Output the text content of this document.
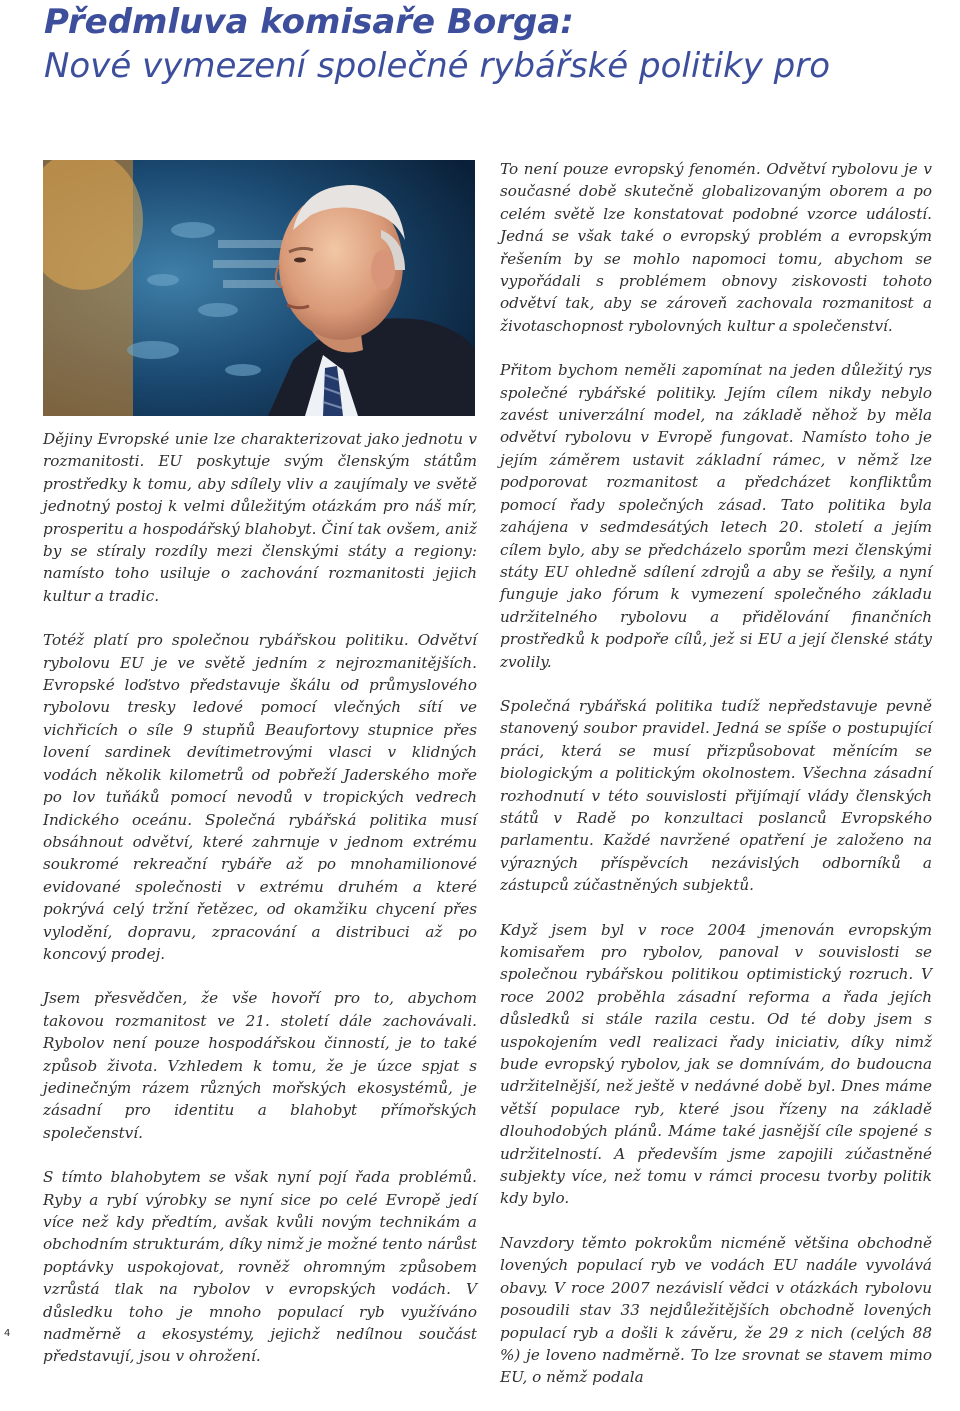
Předmluva komisaře Borga:
Nové vymezení společné rybářské politiky pro

Dějiny Evropské unie lze charakterizovat jako jednotu v rozmanitosti. EU poskytuje svým členským státům prostředky k tomu, aby sdílely vliv a zaujímaly ve světě jednotný postoj k velmi důležitým otázkám pro náš mír, prosperitu a hospodářský blahobyt. Činí tak ovšem, aniž by se stíraly rozdíly mezi členskými státy a regiony: namísto toho usiluje o zachování rozmanitosti jejich kultur a tradic.

Totéž platí pro společnou rybářskou politiku. Odvětví rybolovu EU je ve světě jedním z nejrozmanitějších. Evropské loďstvo představuje škálu od průmyslového rybolovu tresky ledové pomocí vlečných sítí ve vichřicích o síle 9 stupňů Beaufortovy stupnice přes lovení sardinek devítimetrovými vlasci v klidných vodách několik kilometrů od pobřeží Jaderského moře po lov tuňáků pomocí nevodů v tropických vedrech Indického oceánu. Společná rybářská politika musí obsáhnout odvětví, které zahrnuje v jednom extrému soukromé rekreační rybáře až po mnohamilionové evidované společnosti v extrému druhém a které pokrývá celý tržní řetězec, od okamžiku chycení přes vylodění, dopravu, zpracování a distribuci až po koncový prodej.

Jsem přesvědčen, že vše hovoří pro to, abychom takovou rozmanitost ve 21. století dále zachovávali. Rybolov není pouze hospodářskou činností, je to také způsob života. Vzhledem k tomu, že je úzce spjat s jedinečným rázem různých mořských ekosystémů, je zásadní pro identitu a blahobyt přímořských společenství.

S tímto blahobytem se však nyní pojí řada problémů. Ryby a rybí výrobky se nyní sice po celé Evropě jedí více než kdy předtím, avšak kvůli novým technikám a obchodním strukturám, díky nimž je možné tento nárůst poptávky uspokojovat, rovněž ohromným způsobem vzrůstá tlak na rybolov v evropských vodách. V důsledku toho je mnoho populací ryb využíváno nadměrně a ekosystémy, jejichž nedílnou součást představují, jsou v ohrožení.

To není pouze evropský fenomén. Odvětví rybolovu je v současné době skutečně globalizovaným oborem a po celém světě lze konstatovat podobné vzorce událostí. Jedná se však také o evropský problém a evropským řešením by se mohlo napomoci tomu, abychom se vypořádali s problémem obnovy ziskovosti tohoto odvětví tak, aby se zároveň zachovala rozmanitost a životaschopnost rybolovných kultur a společenství.

Přitom bychom neměli zapomínat na jeden důležitý rys společné rybářské politiky. Jejím cílem nikdy nebylo zavést univerzální model, na základě něhož by měla odvětví rybolovu v Evropě fungovat. Namísto toho je jejím záměrem ustavit základní rámec, v němž lze podporovat rozmanitost a předcházet konfliktům pomocí řady společných zásad. Tato politika byla zahájena v sedmdesátých letech 20. století a jejím cílem bylo, aby se předcházelo sporům mezi členskými státy EU ohledně sdílení zdrojů a aby se řešily, a nyní funguje jako fórum k vymezení společného základu udržitelného rybolovu a přidělování finančních prostředků k podpoře cílů, jež si EU a její členské státy zvolily.

Společná rybářská politika tudíž nepředstavuje pevně stanovený soubor pravidel. Jedná se spíše o postupující práci, která se musí přizpůsobovat měnícím se biologickým a politickým okolnostem. Všechna zásadní rozhodnutí v této souvislosti přijímají vlády členských států v Radě po konzultaci poslanců Evropského parlamentu. Každé navržené opatření je založeno na výrazných příspěvcích nezávislých odborníků a zástupců zúčastněných subjektů.

Když jsem byl v roce 2004 jmenován evropským komisařem pro rybolov, panoval v souvislosti se společnou rybářskou politikou optimistický rozruch. V roce 2002 proběhla zásadní reforma a řada jejích důsledků si stále razila cestu. Od té doby jsem s uspokojením vedl realizaci řady iniciativ, díky nimž bude evropský rybolov, jak se domnívám, do budoucna udržitelnější, než ještě v nedávné době byl. Dnes máme větší populace ryb, které jsou řízeny na základě dlouhodobých plánů. Máme také jasnější cíle spojené s udržitelností. A především jsme zapojili zúčastněné subjekty více, než tomu v rámci procesu tvorby politik kdy bylo.

Navzdory těmto pokrokům nicméně většina obchodně lovených populací ryb ve vodách EU nadále vyvolává obavy. V roce 2007 nezávislí vědci v otázkách rybolovu posoudili stav 33 nejdůležitějších obchodně lovených populací ryb a došli k závěru, že 29 z nich (celých 88 %) je loveno nadměrně. To lze srovnat se stavem mimo EU, o němž podala

4
